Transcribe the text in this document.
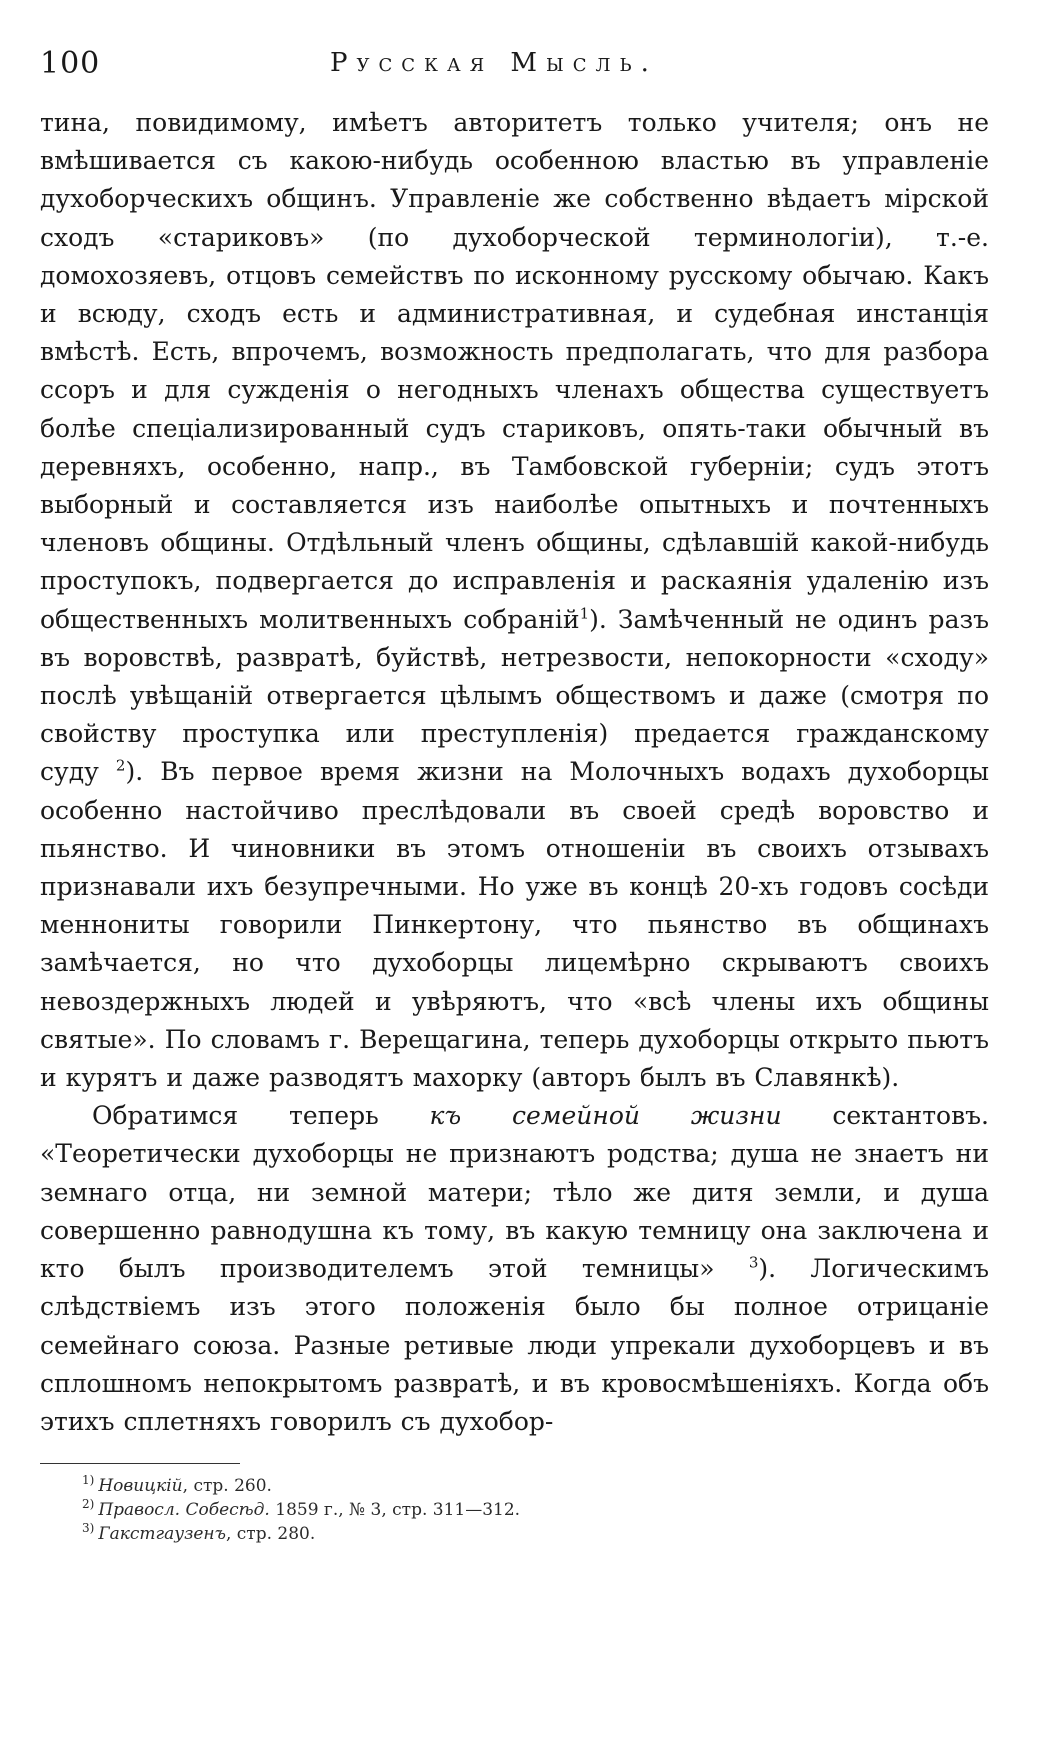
100	Русская Мысль.

тина, повидимому, имѣетъ авторитетъ только учителя; онъ не вмѣшивается съ какою-нибудь особенною властью въ управленіе духоборческихъ общинъ. Управленіе же собственно вѣдаетъ мірской сходъ «стариковъ» (по духоборческой терминологіи), т.-е. домохозяевъ, отцовъ семействъ по исконному русскому обычаю. Какъ и всюду, сходъ есть и административная, и судебная инстанція вмѣстѣ. Есть, впрочемъ, возможность предполагать, что для разбора ссоръ и для сужденія о негодныхъ членахъ общества существуетъ болѣе спеціализированный судъ стариковъ, опять-таки обычный въ деревняхъ, особенно, напр., въ Тамбовской губерніи; судъ этотъ выборный и составляется изъ наиболѣе опытныхъ и почтенныхъ членовъ общины. Отдѣльный членъ общины, сдѣлавшій какой-нибудь проступокъ, подвергается до исправленія и раскаянія удаленію изъ общественныхъ молитвенныхъ собраній$^1$). Замѣченный не одинъ разъ въ воровствѣ, развратѣ, буйствѣ, нетрезвости, непокорности «сходу» послѣ увѣщаній отвергается цѣлымъ обществомъ и даже (смотря по свойству проступка или преступленія) предается гражданскому суду $^2$). Въ первое время жизни на Молочныхъ водахъ духоборцы особенно настойчиво преслѣдовали въ своей средѣ воровство и пьянство. И чиновники въ этомъ отношеніи въ своихъ отзывахъ признавали ихъ безупречными. Но уже въ концѣ 20-хъ годовъ сосѣди меннониты говорили Пинкертону, что пьянство въ общинахъ замѣчается, но что духоборцы лицемѣрно скрываютъ своихъ невоздержныхъ людей и увѣряютъ, что «всѣ члены ихъ общины святые». По словамъ г. Верещагина, теперь духоборцы открыто пьютъ и курятъ и даже разводятъ махорку (авторъ былъ въ Славянкѣ).

Обратимся теперь къ семейной жизни сектантовъ. «Теоретически духоборцы не признаютъ родства; душа не знаетъ ни земнаго отца, ни земной матери; тѣло же дитя земли, и душа совершенно равнодушна къ тому, въ какую темницу она заключена и кто былъ производителемъ этой темницы» $^3$). Логическимъ слѣдствіемъ изъ этого положенія было бы полное отрицаніе семейнаго союза. Разные ретивые люди упрекали духоборцевъ и въ сплошномъ непокрытомъ развратѣ, и въ кровосмѣшеніяхъ. Когда объ этихъ сплетняхъ говорилъ съ духобор-

$^{1)}$ Новицкій, стр. 260.
$^{2)}$ Правосл. Собесѣд. 1859 г., № 3, стр. 311—312.
$^{3)}$ Гакстгаузенъ, стр. 280.
